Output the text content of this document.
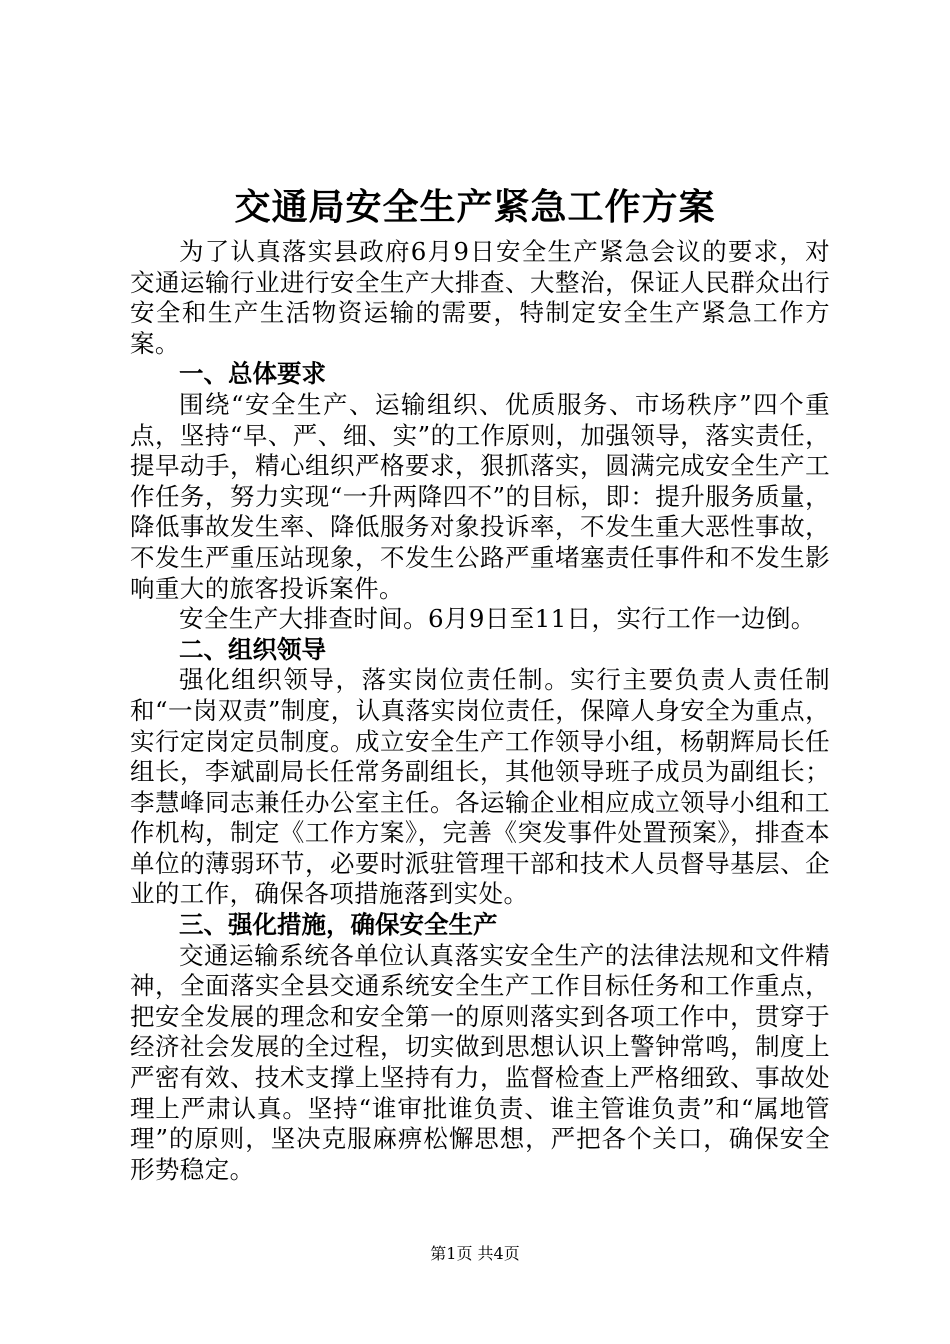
交通局安全生产紧急工作方案

为了认真落实县政府6月9日安全生产紧急会议的要求，对交通运输行业进行安全生产大排查、大整治，保证人民群众出行安全和生产生活物资运输的需要，特制定安全生产紧急工作方案。

一、总体要求

围绕“安全生产、运输组织、优质服务、市场秩序”四个重点，坚持“早、严、细、实”的工作原则，加强领导，落实责任，提早动手，精心组织严格要求，狠抓落实，圆满完成安全生产工作任务，努力实现“一升两降四不”的目标，即：提升服务质量，降低事故发生率、降低服务对象投诉率，不发生重大恶性事故，不发生严重压站现象，不发生公路严重堵塞责任事件和不发生影响重大的旅客投诉案件。

安全生产大排查时间。6月9日至11日，实行工作一边倒。

二、组织领导

强化组织领导，落实岗位责任制。实行主要负责人责任制和“一岗双责”制度，认真落实岗位责任，保障人身安全为重点，实行定岗定员制度。成立安全生产工作领导小组，杨朝辉局长任组长，李斌副局长任常务副组长，其他领导班子成员为副组长；李慧峰同志兼任办公室主任。各运输企业相应成立领导小组和工作机构，制定《工作方案》，完善《突发事件处置预案》，排查本单位的薄弱环节，必要时派驻管理干部和技术人员督导基层、企业的工作，确保各项措施落到实处。

三、强化措施，确保安全生产

交通运输系统各单位认真落实安全生产的法律法规和文件精神，全面落实全县交通系统安全生产工作目标任务和工作重点，把安全发展的理念和安全第一的原则落实到各项工作中，贯穿于经济社会发展的全过程，切实做到思想认识上警钟常鸣，制度上严密有效、技术支撑上坚持有力，监督检查上严格细致、事故处理上严肃认真。坚持“谁审批谁负责、谁主管谁负责”和“属地管理”的原则，坚决克服麻痹松懈思想，严把各个关口，确保安全形势稳定。

第1页 共4页
